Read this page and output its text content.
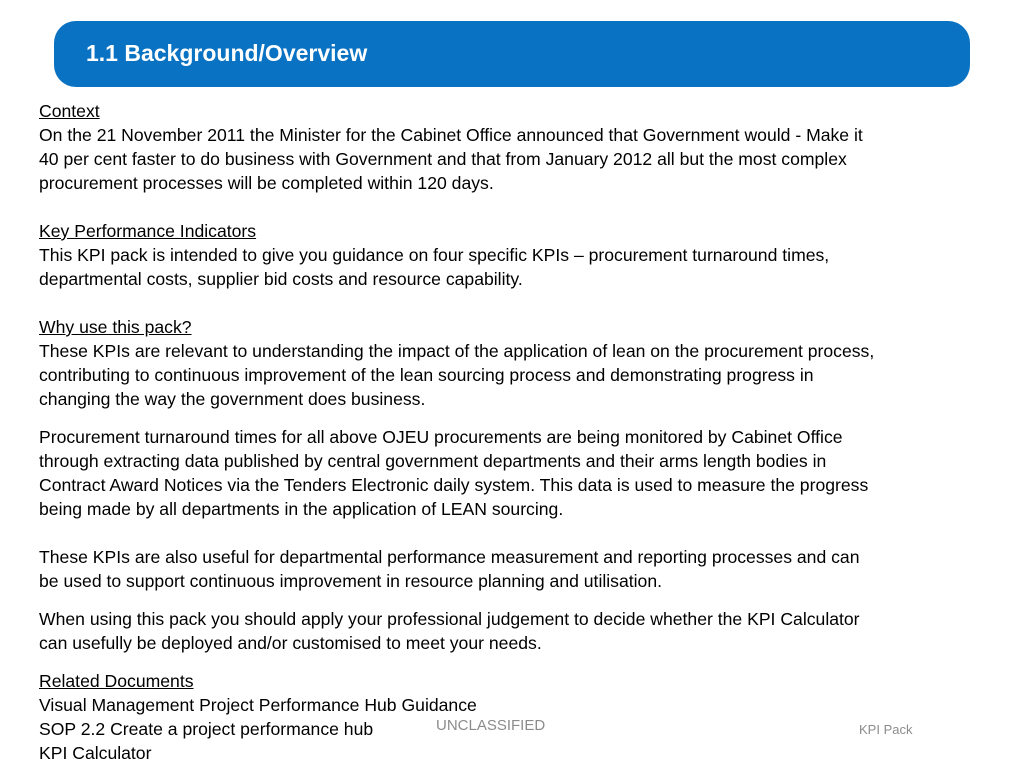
1.1 Background/Overview
Context
On the 21 November 2011 the Minister for the Cabinet Office announced that Government would - Make it
40 per cent faster to do business with Government and that from January 2012 all but the most complex
procurement processes will be completed within 120 days.
Key Performance Indicators
This KPI pack is intended to give you guidance on four specific KPIs – procurement turnaround times,
departmental costs, supplier bid costs and resource capability.
Why use this pack?
These KPIs are relevant to understanding the impact of the application of lean on the procurement process,
contributing to continuous improvement of the lean sourcing process and demonstrating progress in
changing the way the government does business.
Procurement turnaround times for all above OJEU procurements are being monitored by Cabinet Office
through extracting data published by central government departments and their arms length bodies in
Contract Award Notices via the Tenders Electronic daily system. This data is used to measure the progress
being made by all departments in the application of LEAN sourcing.
These KPIs are also useful for departmental performance measurement and reporting processes and can
be used to support continuous improvement in resource planning and utilisation.
When using this pack you should apply your professional judgement to decide whether the KPI Calculator
can usefully be deployed and/or customised to meet your needs.
Related Documents
Visual Management Project Performance Hub Guidance
SOP 2.2 Create a project performance hub
KPI Calculator
UNCLASSIFIED	KPI Pack
